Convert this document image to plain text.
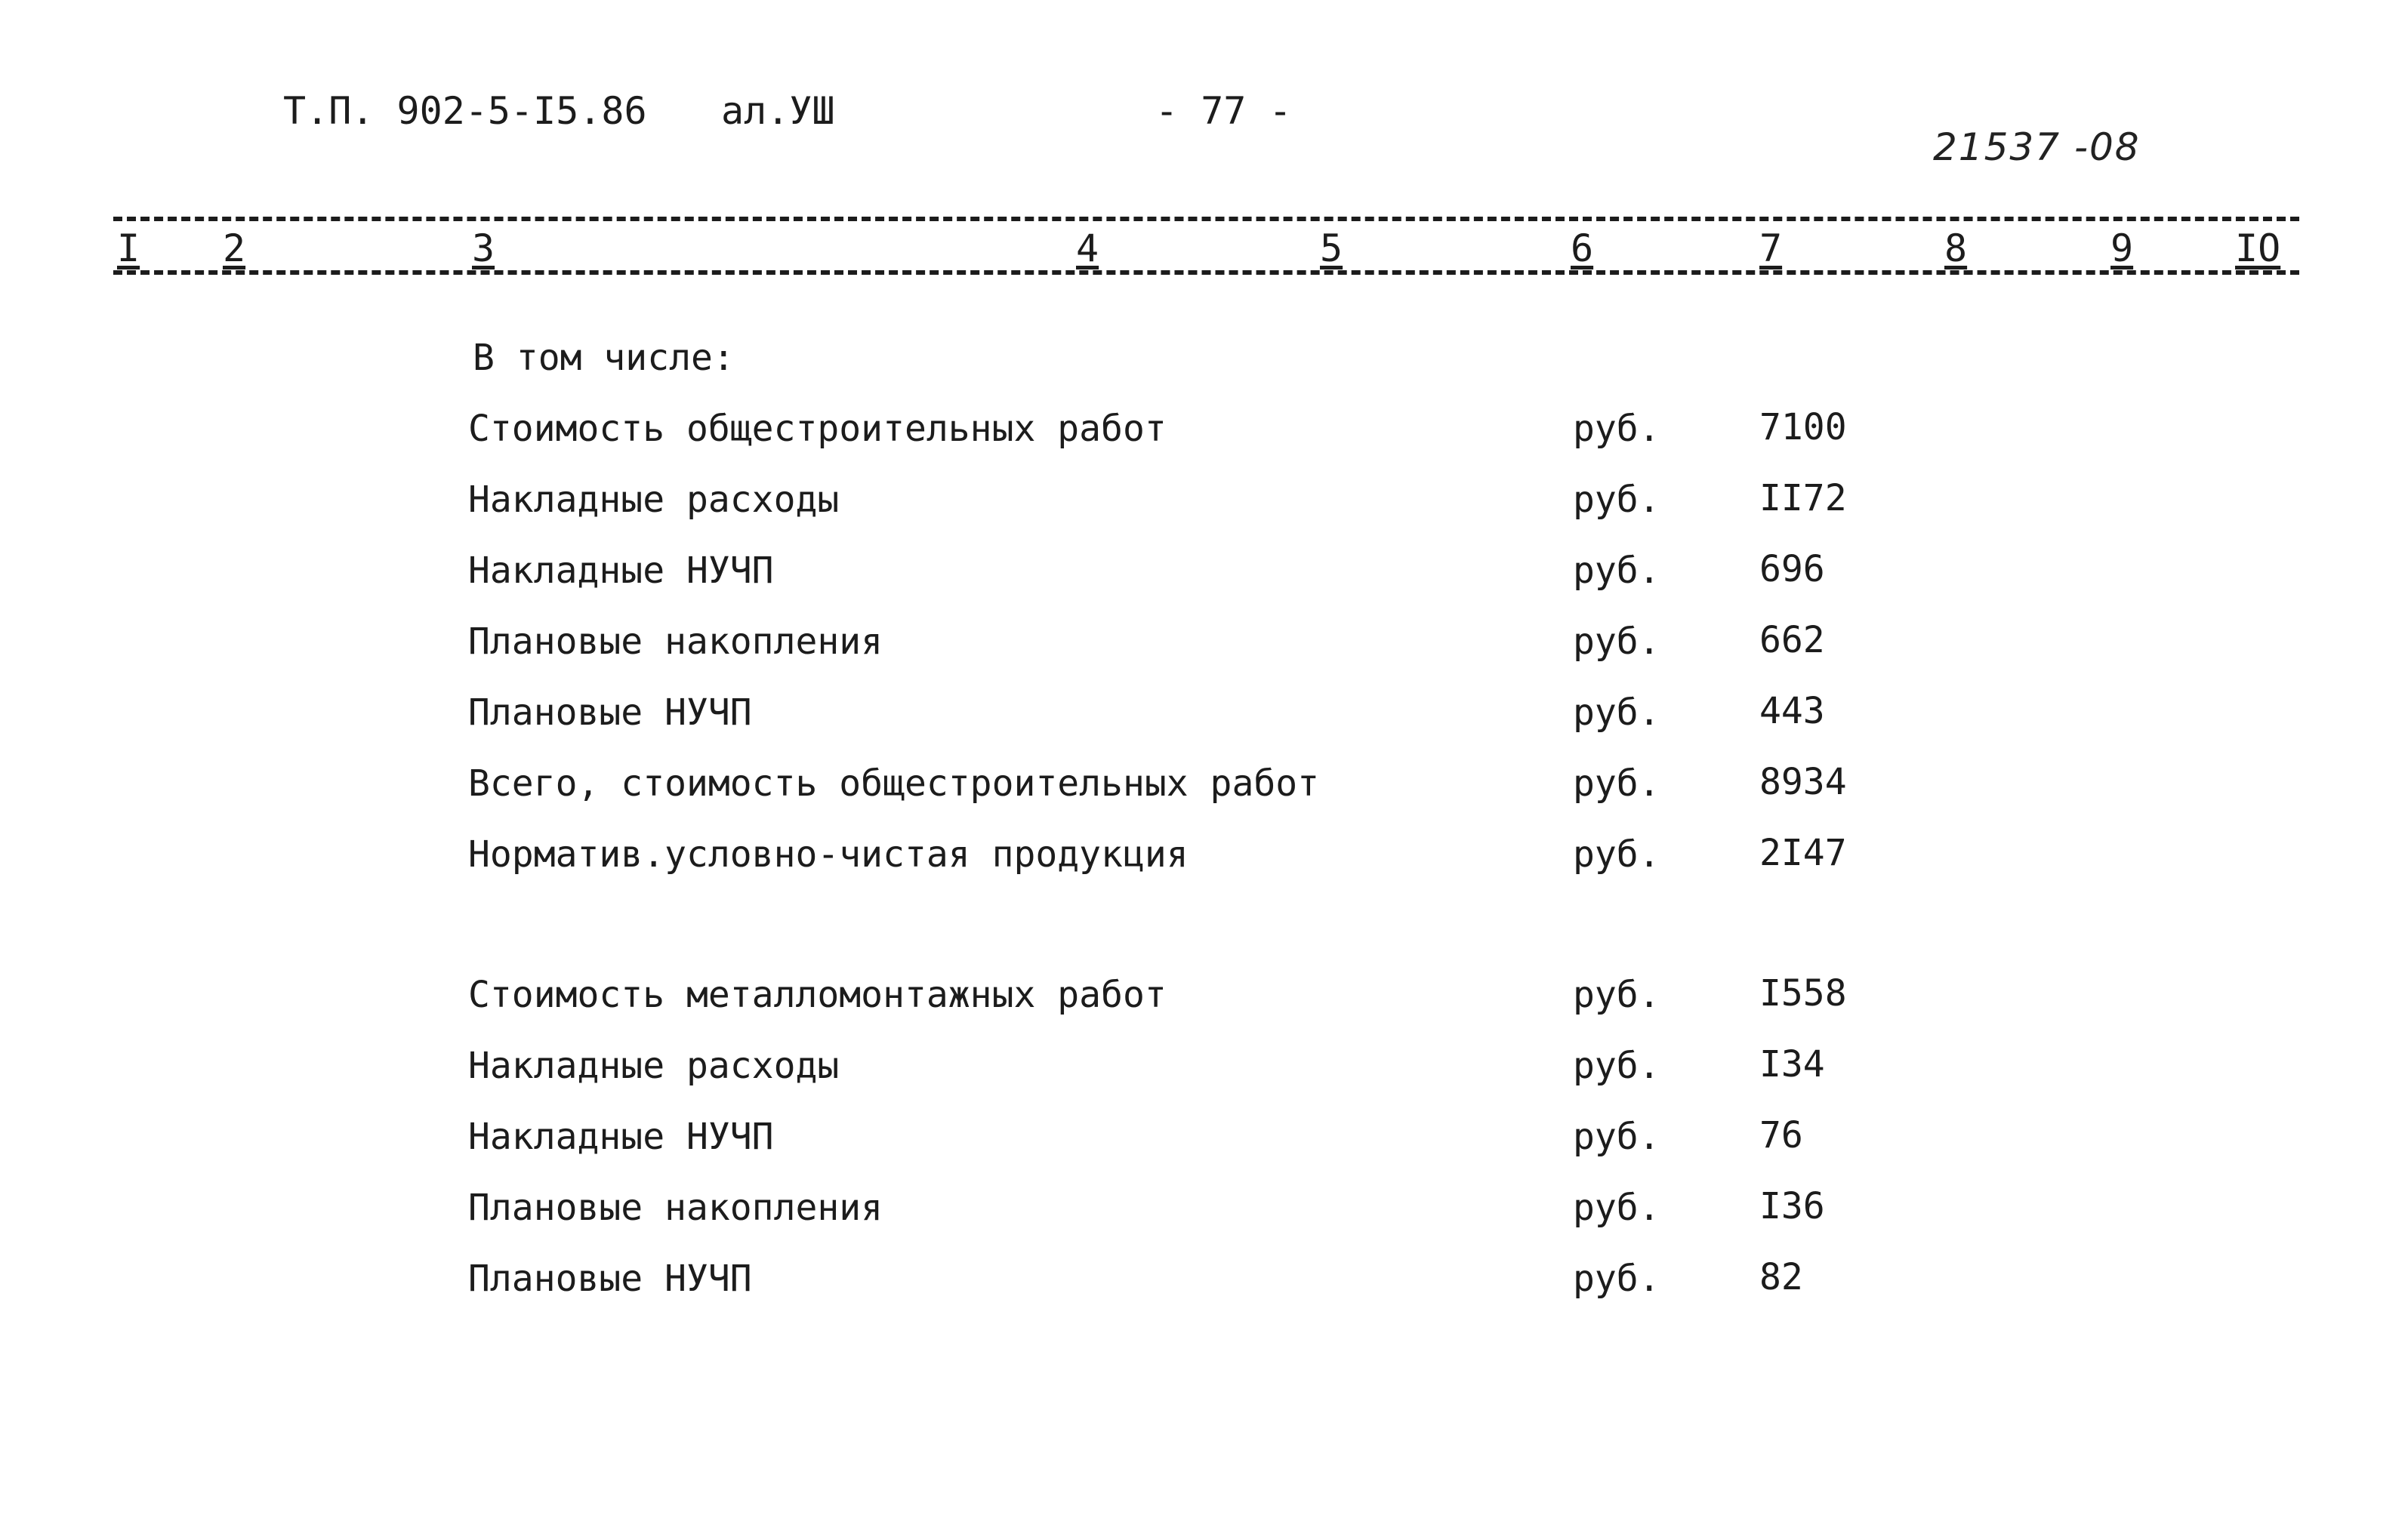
Т.П. 902-5-I5.86 ал.УШ	- 77 -
21537 -08
I 2	3	4	5	6	7	8	9	IO
В том числе:
Стоимость общестроительных работ	руб.	7100
Накладные расходы	руб.	II72
Накладные НУЧП	руб.	696
Плановые накопления	руб.	662
Плановые НУЧП	руб.	443
Всего, стоимость общестроительных работ	руб.	8934
Норматив.условно-чистая продукция	руб.	2I47
Стоимость металломонтажных работ	руб.	I558
Накладные расходы	руб.	I34
Накладные НУЧП	руб.	76
Плановые накопления	руб.	I36
Плановые НУЧП	руб.	82
